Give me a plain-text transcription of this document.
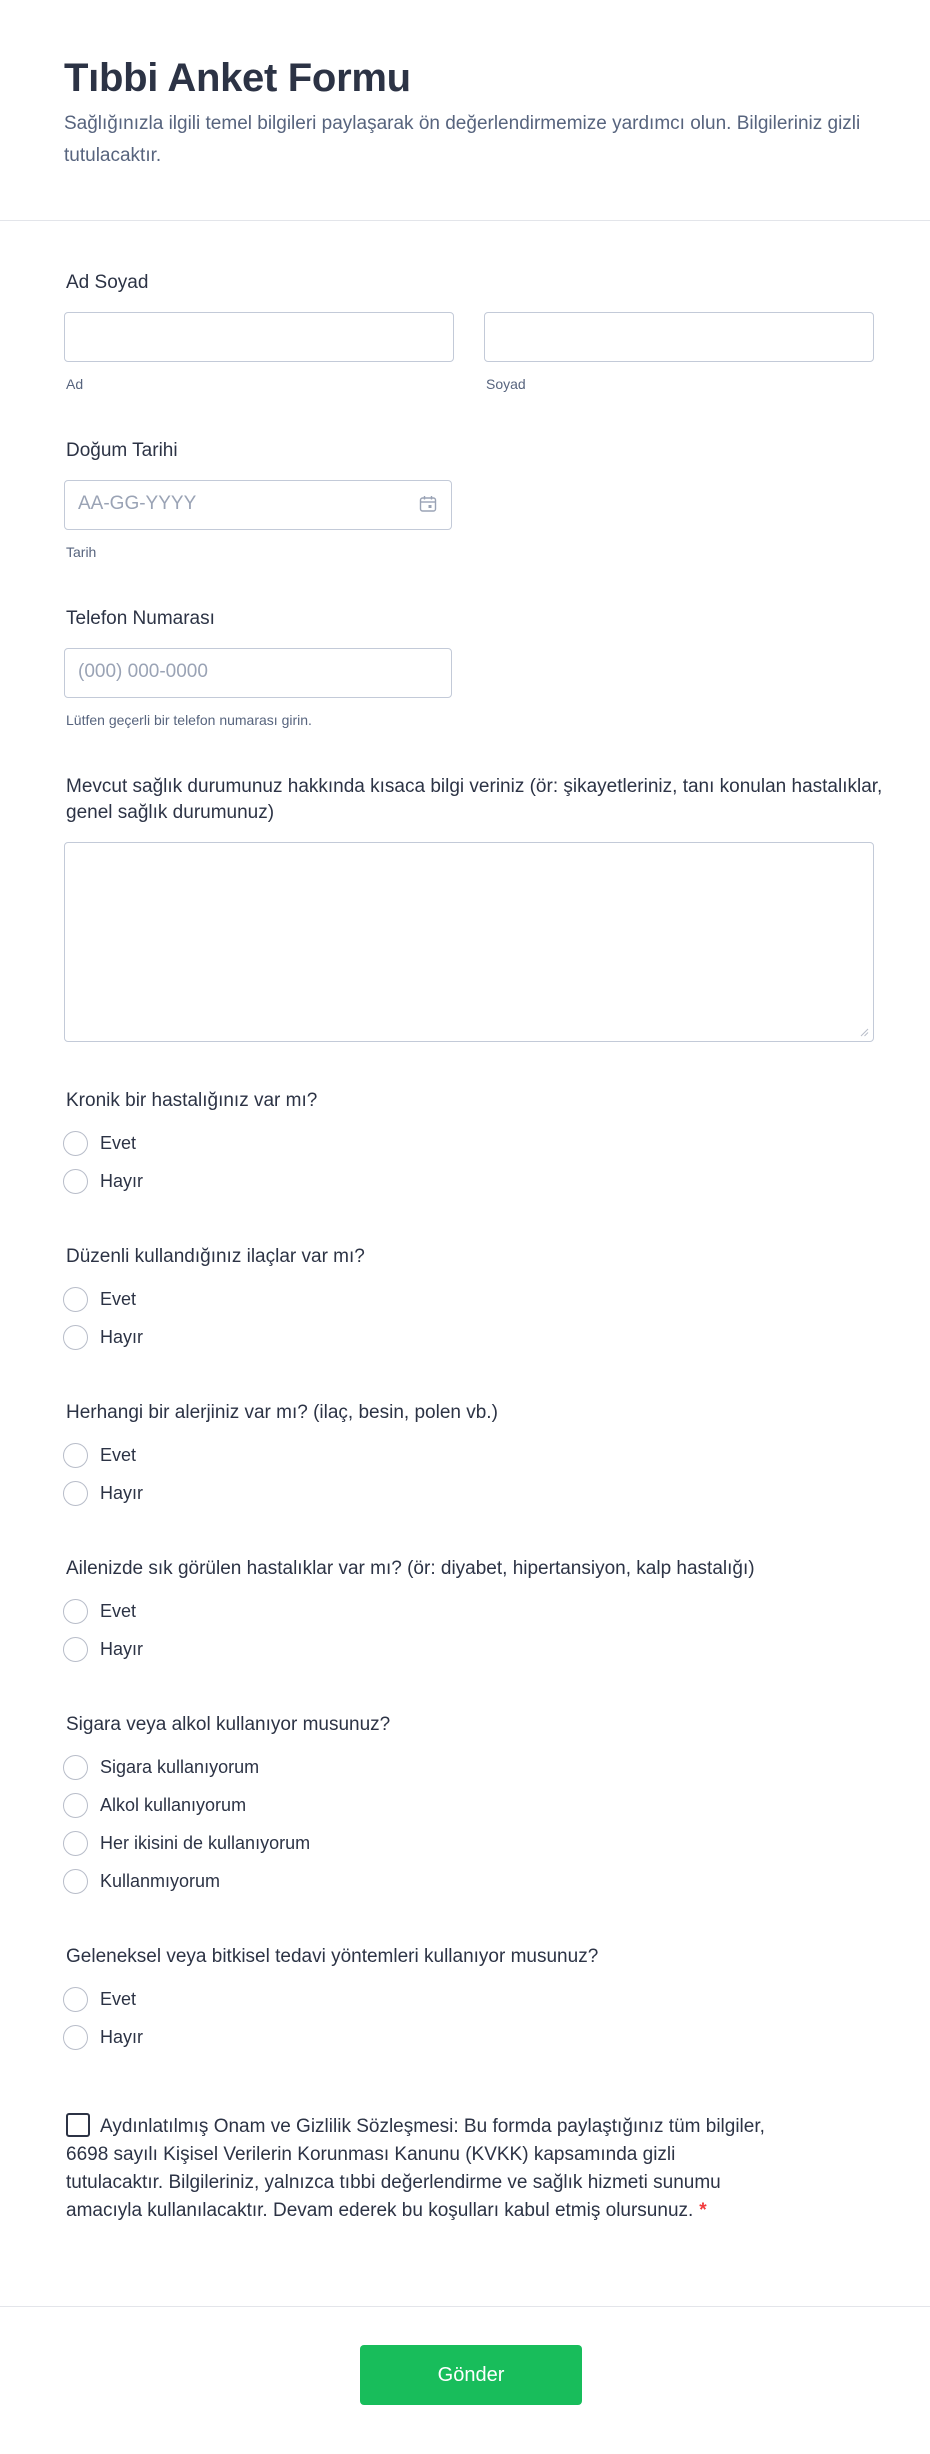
Tıbbi Anket Formu

Sağlığınızla ilgili temel bilgileri paylaşarak ön değerlendirmemize yardımcı olun. Bilgileriniz gizli tutulacaktır.

Ad Soyad
Ad	Soyad
Doğum Tarihi
AA-GG-YYYY
Tarih
Telefon Numarası
(000) 000-0000
Lütfen geçerli bir telefon numarası girin.
Mevcut sağlık durumunuz hakkında kısaca bilgi veriniz (ör: şikayetleriniz, tanı konulan hastalıklar, genel sağlık durumunuz)
Kronik bir hastalığınız var mı?
Evet
Hayır
Düzenli kullandığınız ilaçlar var mı?
Evet
Hayır
Herhangi bir alerjiniz var mı? (ilaç, besin, polen vb.)
Evet
Hayır
Ailenizde sık görülen hastalıklar var mı? (ör: diyabet, hipertansiyon, kalp hastalığı)
Evet
Hayır
Sigara veya alkol kullanıyor musunuz?
Sigara kullanıyorum
Alkol kullanıyorum
Her ikisini de kullanıyorum
Kullanmıyorum
Geleneksel veya bitkisel tedavi yöntemleri kullanıyor musunuz?
Evet
Hayır
Aydınlatılmış Onam ve Gizlilik Sözleşmesi: Bu formda paylaştığınız tüm bilgiler, 6698 sayılı Kişisel Verilerin Korunması Kanunu (KVKK) kapsamında gizli tutulacaktır. Bilgileriniz, yalnızca tıbbi değerlendirme ve sağlık hizmeti sunumu amacıyla kullanılacaktır. Devam ederek bu koşulları kabul etmiş olursunuz. *
Gönder
